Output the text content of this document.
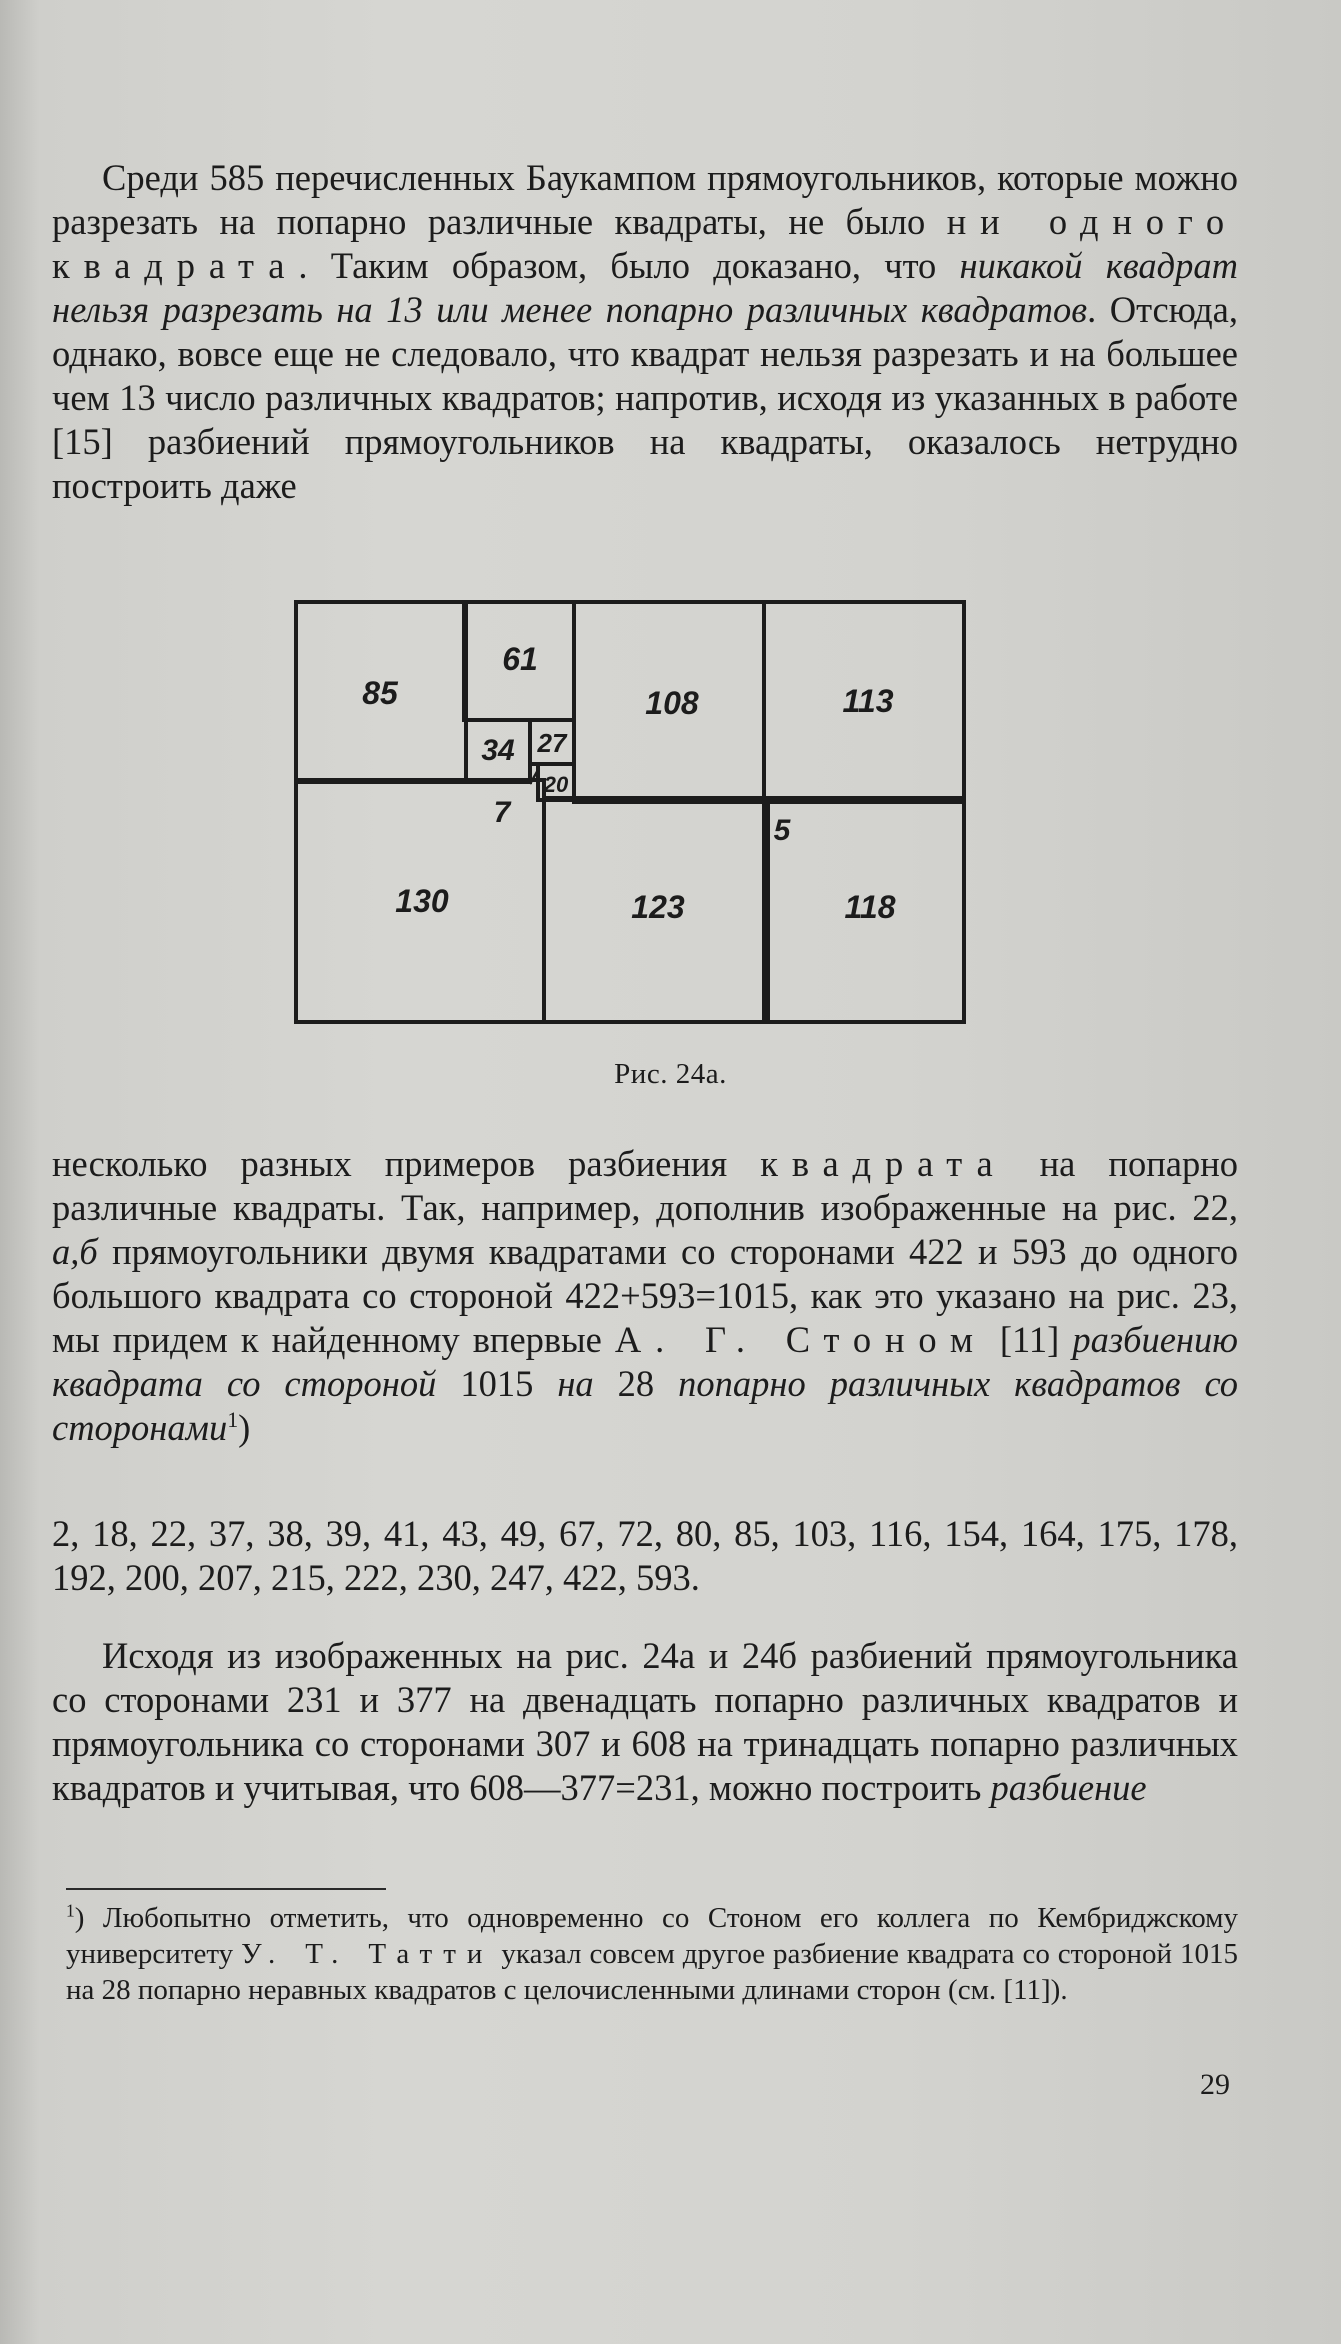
Среди 585 перечисленных Баукампом прямоугольников, которые можно разрезать на попарно различные квадраты, не было ни одного квадрата. Таким образом, было доказано, что никакой квадрат нельзя разрезать на 13 или менее попарно различных квадратов. Отсюда, однако, вовсе еще не следовало, что квадрат нельзя разрезать и на большее чем 13 число различных квадратов; напротив, исходя из указанных в работе [15] разбиений прямоугольников на квадраты, оказалось нетрудно построить даже

85
61
108	113
34 27
20
7
5
130	123	118
Рис. 24а.

несколько разных примеров разбиения квадрата на попарно различные квадраты. Так, например, дополнив изображенные на рис. 22, а,б прямоугольники двумя квадратами со сторонами 422 и 593 до одного большого квадрата со стороной 422+593=1015, как это указано на рис. 23, мы придем к найденному впервые А. Г. Стоном [11] разбиению квадрата со стороной 1015 на 28 попарно различных квадратов со сторонами$^1$)

2, 18, 22, 37, 38, 39, 41, 43, 49, 67, 72, 80, 85, 103, 116, 154, 164, 175, 178, 192, 200, 207, 215, 222, 230, 247, 422, 593.

Исходя из изображенных на рис. 24а и 24б разбиений прямоугольника со сторонами 231 и 377 на двенадцать попарно различных квадратов и прямоугольника со сторонами 307 и 608 на тринадцать попарно различных квадратов и учитывая, что 608—377=231, можно построить разбиение

$^1$) Любопытно отметить, что одновременно со Стоном его коллега по Кембриджскому университету У. Т. Татти указал совсем другое разбиение квадрата со стороной 1015 на 28 попарно неравных квадратов с целочисленными длинами сторон (см. [11]).
29
